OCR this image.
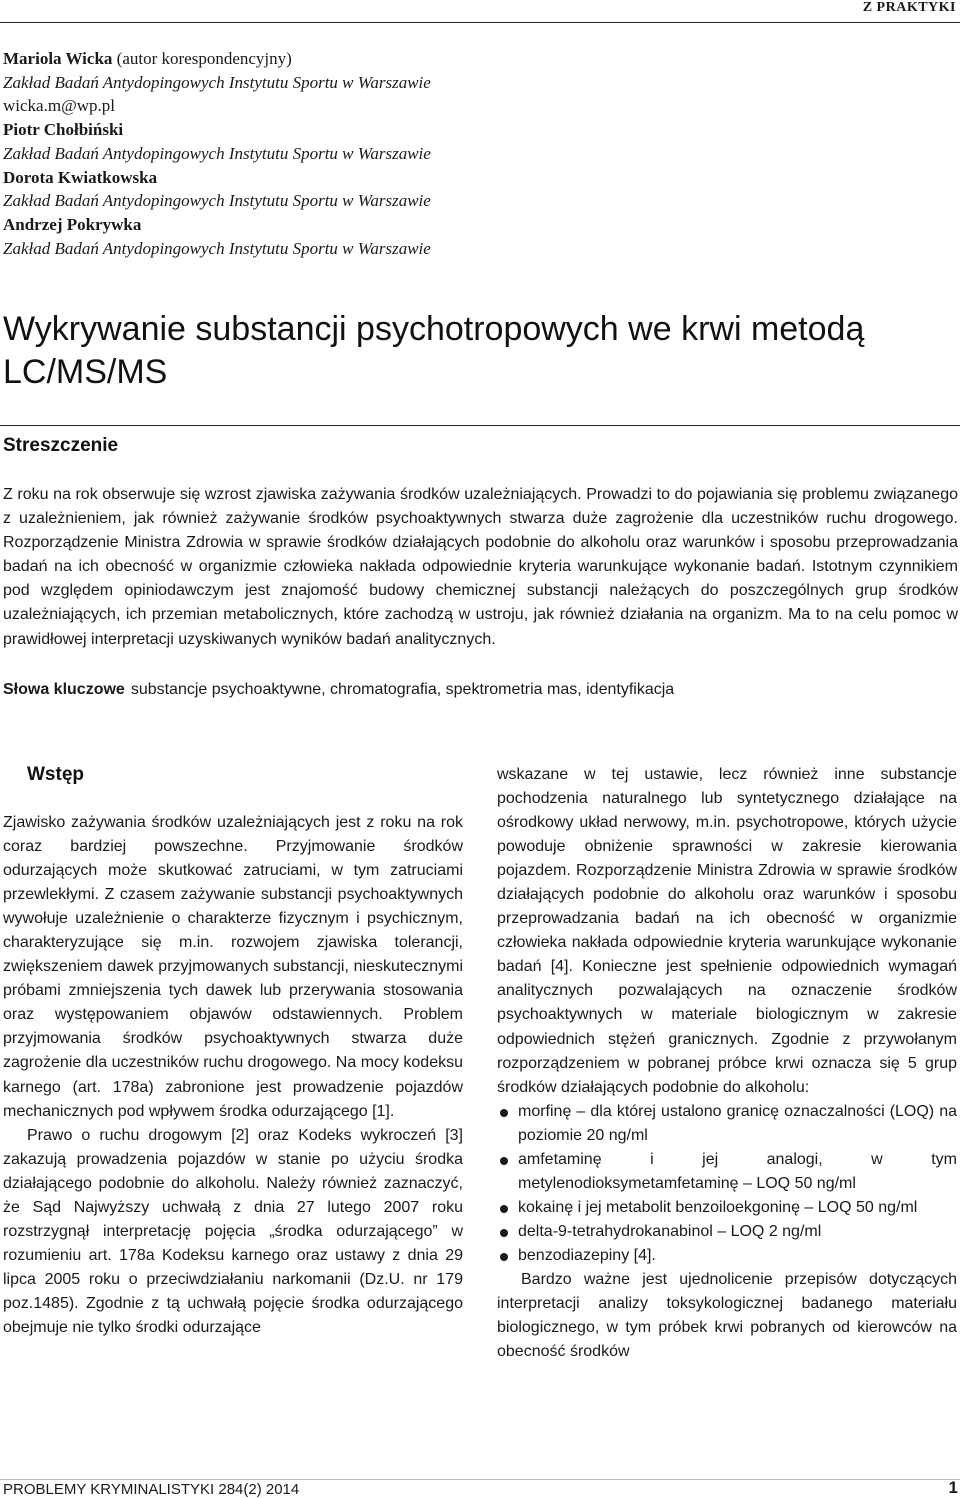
Z PRAKTYKI
Mariola Wicka (autor korespondencyjny)
Zakład Badań Antydopingowych Instytutu Sportu w Warszawie
wicka.m@wp.pl
Piotr Chołbiński
Zakład Badań Antydopingowych Instytutu Sportu w Warszawie
Dorota Kwiatkowska
Zakład Badań Antydopingowych Instytutu Sportu w Warszawie
Andrzej Pokrywka
Zakład Badań Antydopingowych Instytutu Sportu w Warszawie
Wykrywanie substancji psychotropowych we krwi metodą LC/MS/MS
Streszczenie

Z roku na rok obserwuje się wzrost zjawiska zażywania środków uzależniających. Prowadzi to do pojawiania się problemu związanego z uzależnieniem, jak również zażywanie środków psychoaktywnych stwarza duże zagrożenie dla uczestników ruchu drogowego. Rozporządzenie Ministra Zdrowia w sprawie środków działających podobnie do alkoholu oraz warunków i sposobu przeprowadzania badań na ich obecność w organizmie człowieka nakłada odpowiednie kryteria warunkujące wykonanie badań. Istotnym czynnikiem pod względem opiniodawczym jest znajomość budowy chemicznej substancji należących do poszczególnych grup środków uzależniających, ich przemian metabolicznych, które zachodzą w ustroju, jak również działania na organizm. Ma to na celu pomoc w prawidłowej interpretacji uzyskiwanych wyników badań analitycznych.

Słowa kluczowe substancje psychoaktywne, chromatografia, spektrometria mas, identyfikacja

Wstęp

Zjawisko zażywania środków uzależniających jest z roku na rok coraz bardziej powszechne. Przyjmowanie środków odurzających może skutkować zatruciami, w tym zatruciami przewlekłymi. Z czasem zażywanie substancji psychoaktywnych wywołuje uzależnienie o charakterze fizycznym i psychicznym, charakteryzujące się m.in. rozwojem zjawiska tolerancji, zwiększeniem dawek przyjmowanych substancji, nieskutecznymi próbami zmniejszenia tych dawek lub przerywania stosowania oraz występowaniem objawów odstawiennych. Problem przyjmowania środków psychoaktywnych stwarza duże zagrożenie dla uczestników ruchu drogowego. Na mocy kodeksu karnego (art. 178a) zabronione jest prowadzenie pojazdów mechanicznych pod wpływem środka odurzającego [1].

Prawo o ruchu drogowym [2] oraz Kodeks wykroczeń [3] zakazują prowadzenia pojazdów w stanie po użyciu środka działającego podobnie do alkoholu. Należy również zaznaczyć, że Sąd Najwyższy uchwałą z dnia 27 lutego 2007 roku rozstrzygnął interpretację pojęcia „środka odurzającego” w rozumieniu art. 178a Kodeksu karnego oraz ustawy z dnia 29 lipca 2005 roku o przeciwdziałaniu narkomanii (Dz.U. nr 179 poz.1485). Zgodnie z tą uchwałą pojęcie środka odurzającego obejmuje nie tylko środki odurzające

wskazane w tej ustawie, lecz również inne substancje pochodzenia naturalnego lub syntetycznego działające na ośrodkowy układ nerwowy, m.in. psychotropowe, których użycie powoduje obniżenie sprawności w zakresie kierowania pojazdem. Rozporządzenie Ministra Zdrowia w sprawie środków działających podobnie do alkoholu oraz warunków i sposobu przeprowadzania badań na ich obecność w organizmie człowieka nakłada odpowiednie kryteria warunkujące wykonanie badań [4]. Konieczne jest spełnienie odpowiednich wymagań analitycznych pozwalających na oznaczenie środków psychoaktywnych w materiale biologicznym w zakresie odpowiednich stężeń granicznych. Zgodnie z przywołanym rozporządzeniem w pobranej próbce krwi oznacza się 5 grup środków działających podobnie do alkoholu:

morfinę – dla której ustalono granicę oznaczalności (LOQ) na poziomie 20 ng/ml
amfetaminę i jej analogi, w tym metylenodioksymetamfetaminę – LOQ 50 ng/ml
kokainę i jej metabolit benzoiloekgoninę – LOQ 50 ng/ml
delta-9-tetrahydrokanabinol – LOQ 2 ng/ml
benzodiazepiny [4].

Bardzo ważne jest ujednolicenie przepisów dotyczących interpretacji analizy toksykologicznej badanego materiału biologicznego, w tym próbek krwi pobranych od kierowców na obecność środków

PROBLEMY KRYMINALISTYKI 284(2) 2014	1
